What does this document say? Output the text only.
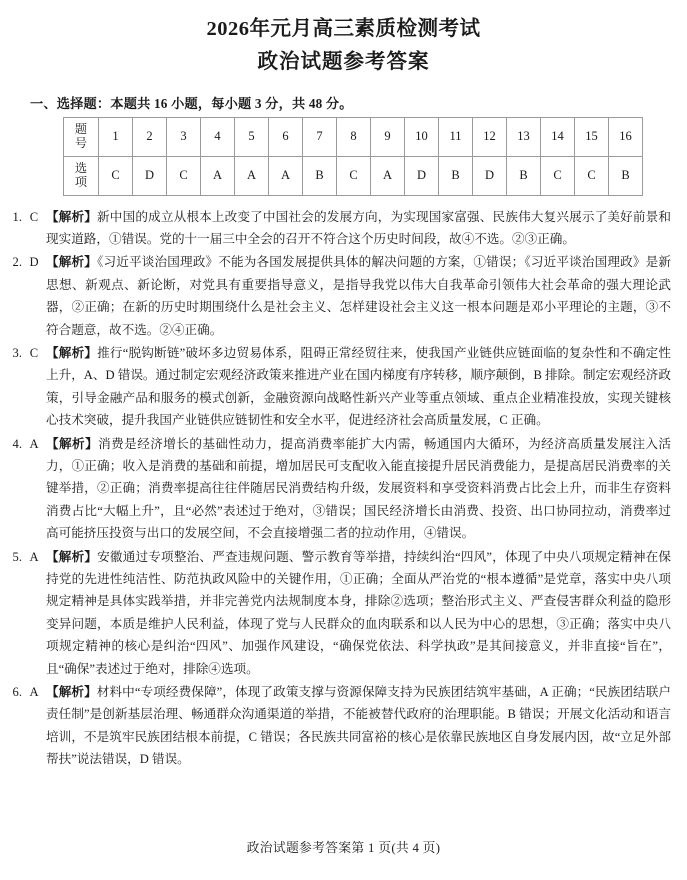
2026年元月高三素质检测考试
政治试题参考答案
一、选择题：本题共 16 小题，每小题 3 分，共 48 分。
题
号	1	2	3	4	5	6	7	8	9	10	11	12	13	14	15	16

选
项	C	D	C	A	A	A	B	C	A	D	B	D	B	C	C	B
1. C 【解析】新中国的成立从根本上改变了中国社会的发展方向，为实现国家富强、民族伟大复兴展示了美好前景和现实道路，①错误。党的十一届三中全会的召开不符合这个历史时间段，故④不选。②③正确。
2. D 【解析】《习近平谈治国理政》不能为各国发展提供具体的解决问题的方案，①错误；《习近平谈治国理政》是新思想、新观点、新论断，对党具有重要指导意义，是指导我党以伟大自我革命引领伟大社会革命的强大理论武器，②正确；在新的历史时期围绕什么是社会主义、怎样建设社会主义这一根本问题是邓小平理论的主题，③不符合题意，故不选。②④正确。
3. C 【解析】推行“脱钩断链”破坏多边贸易体系，阻碍正常经贸往来，使我国产业链供应链面临的复杂性和不确定性上升，A、D 错误。通过制定宏观经济政策来推进产业在国内梯度有序转移，顺序颠倒，B 排除。制定宏观经济政策，引导金融产品和服务的模式创新，金融资源向战略性新兴产业等重点领域、重点企业精准投放，实现关键核心技术突破，提升我国产业链供应链韧性和安全水平，促进经济社会高质量发展，C 正确。
4. A 【解析】消费是经济增长的基础性动力，提高消费率能扩大内需，畅通国内大循环，为经济高质量发展注入活力，①正确；收入是消费的基础和前提，增加居民可支配收入能直接提升居民消费能力，是提高居民消费率的关键举措，②正确；消费率提高往往伴随居民消费结构升级，发展资料和享受资料消费占比会上升，而非生存资料消费占比“大幅上升”，且“必然”表述过于绝对，③错误；国民经济增长由消费、投资、出口协同拉动，消费率过高可能挤压投资与出口的发展空间，不会直接增强二者的拉动作用，④错误。
5. A 【解析】安徽通过专项整治、严查违规问题、警示教育等举措，持续纠治“四风”，体现了中央八项规定精神在保持党的先进性纯洁性、防范执政风险中的关键作用，①正确；全面从严治党的“根本遵循”是党章，落实中央八项规定精神是具体实践举措，并非完善党内法规制度本身，排除②选项；整治形式主义、严查侵害群众利益的隐形变异问题，本质是维护人民利益，体现了党与人民群众的血肉联系和以人民为中心的思想，③正确；落实中央八项规定精神的核心是纠治“四风”、加强作风建设，“确保党依法、科学执政”是其间接意义，并非直接“旨在”，且“确保”表述过于绝对，排除④选项。
6. A 【解析】材料中“专项经费保障”，体现了政策支撑与资源保障支持为民族团结筑牢基础，A 正确；“民族团结联户责任制”是创新基层治理、畅通群众沟通渠道的举措，不能被替代政府的治理职能。B 错误；开展文化活动和语言培训，不是筑牢民族团结根本前提，C 错误；各民族共同富裕的核心是依靠民族地区自身发展内因，故“立足外部帮扶”说法错误，D 错误。
政治试题参考答案第 1 页(共 4 页)
